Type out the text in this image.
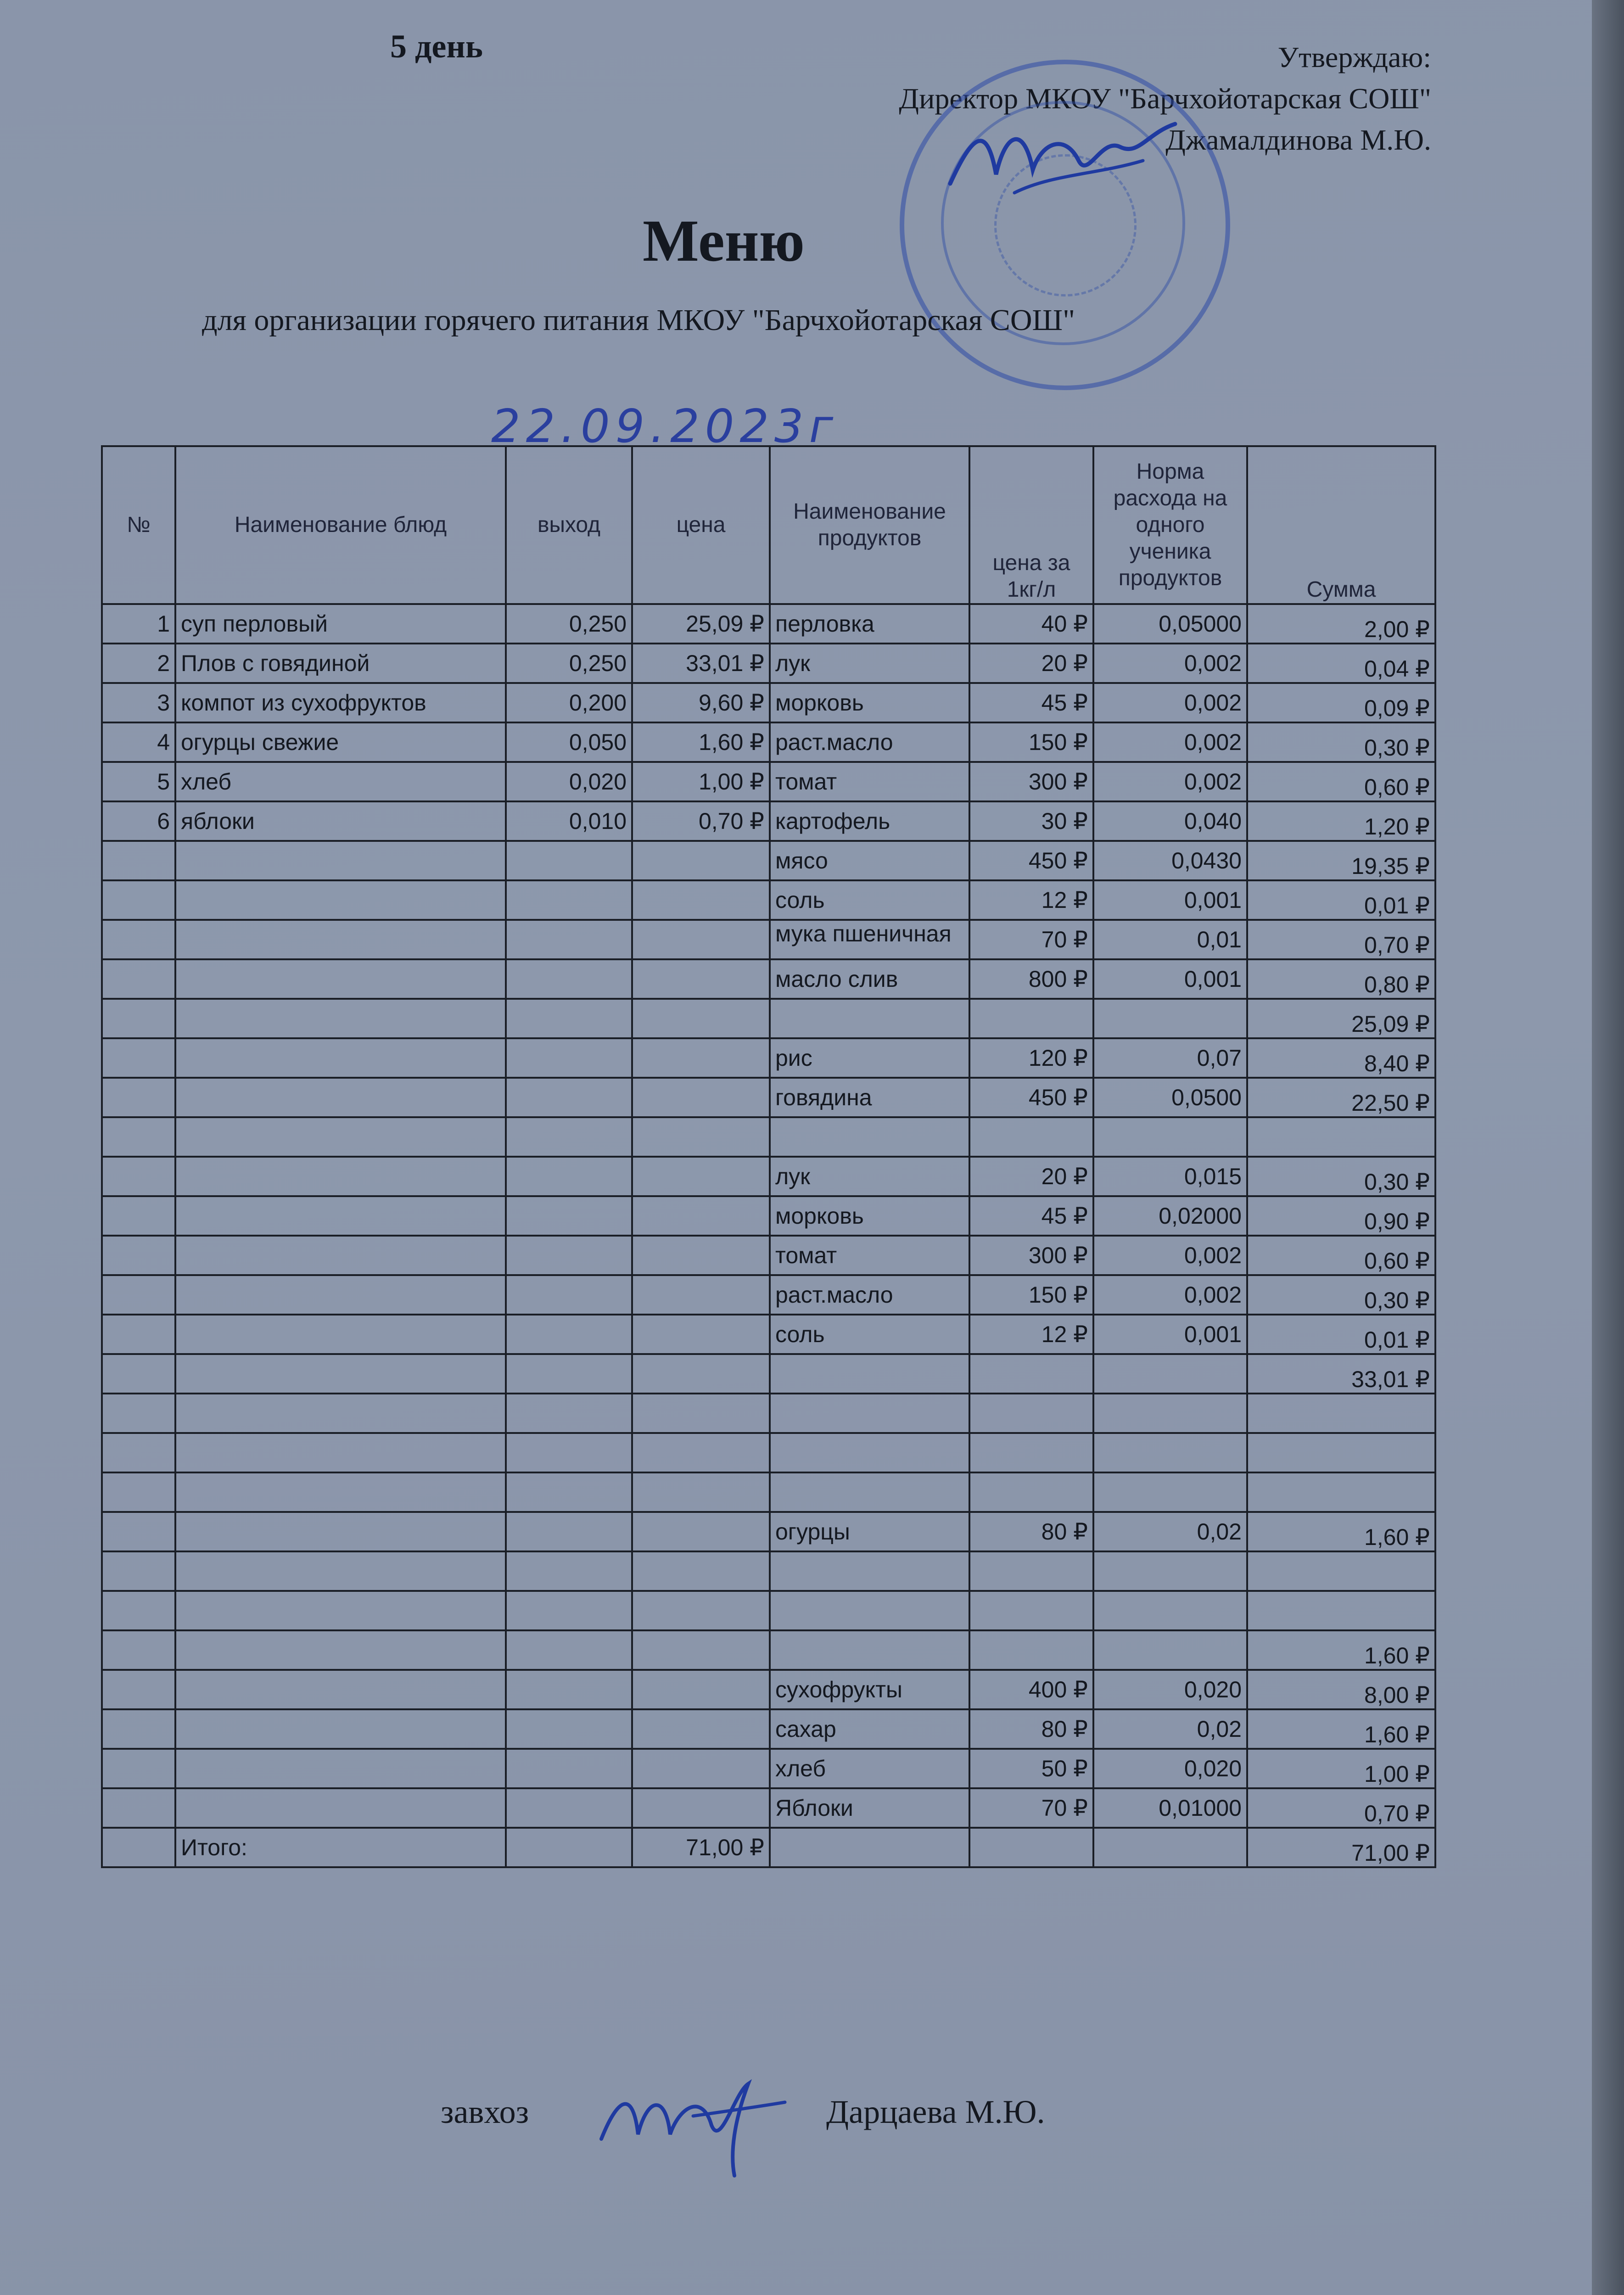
5 день	Утверждаю:
Директор МКОУ "Барчхойотарская СОШ"
Джамалдинова М.Ю.
Меню
для организации горячего питания МКОУ "Барчхойотарская СОШ"
22.09.2023г
№	Наименование блюд	выход	цена	Наименование продуктов	цена за 1кг/л	Норма расхода на одного ученика продуктов	Сумма
1	суп перловый	0,250	25,09 ₽	перловка	40 ₽	0,05000	2,00 ₽
2	Плов с говядиной	0,250	33,01 ₽	лук	20 ₽	0,002	0,04 ₽
3	компот из сухофруктов	0,200	9,60 ₽	морковь	45 ₽	0,002	0,09 ₽
4	огурцы свежие	0,050	1,60 ₽	раст.масло	150 ₽	0,002	0,30 ₽
5	хлеб	0,020	1,00 ₽	томат	300 ₽	0,002	0,60 ₽
6	яблоки	0,010	0,70 ₽	картофель	30 ₽	0,040	1,20 ₽
				мясо	450 ₽	0,0430	19,35 ₽
				соль	12 ₽	0,001	0,01 ₽
				мука пшеничная	70 ₽	0,01	0,70 ₽
				масло слив	800 ₽	0,001	0,80 ₽
							25,09 ₽
				рис	120 ₽	0,07	8,40 ₽
				говядина	450 ₽	0,0500	22,50 ₽

				лук	20 ₽	0,015	0,30 ₽
				морковь	45 ₽	0,02000	0,90 ₽
				томат	300 ₽	0,002	0,60 ₽
				раст.масло	150 ₽	0,002	0,30 ₽
				соль	12 ₽	0,001	0,01 ₽
							33,01 ₽

				огурцы	80 ₽	0,02	1,60 ₽

							1,60 ₽
				сухофрукты	400 ₽	0,020	8,00 ₽
				сахар	80 ₽	0,02	1,60 ₽
				хлеб	50 ₽	0,020	1,00 ₽
				Яблоки	70 ₽	0,01000	0,70 ₽
	Итого:		71,00 ₽				71,00 ₽
завхоз	Дарцаева М.Ю.
